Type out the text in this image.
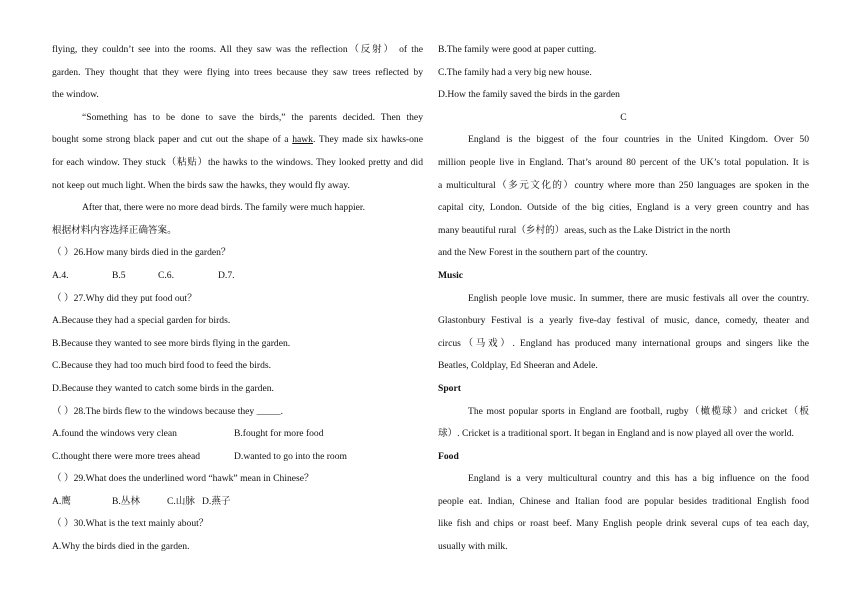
flying, they couldn’t see into the rooms. All they saw was the reflection（反射） of the
garden. They thought that they were flying into trees because they saw trees reflected by
the window.
“Something has to be done to save the birds,” the parents decided. Then they
bought some strong black paper and cut out the shape of a hawk. They made six hawks-one
for each window. They stuck（粘贴）the hawks to the windows. They looked pretty and did
not keep out much light. When the birds saw the hawks, they would fly away.
After that, there were no more dead birds. The family were much happier.
根据材料内容选择正确答案。
（ ）26.How many birds died in the garden？
A.4.	B.5	C.6.	D.7.
（ ）27.Why did they put food out？
A.Because they had a special garden for birds.
B.Because they wanted to see more birds flying in the garden.
C.Because they had too much bird food to feed the birds.
D.Because they wanted to catch some birds in the garden.
（ ）28.The birds flew to the windows because they _____.
A.found the windows very clean	B.fought for more food
C.thought there were more trees ahead	D.wanted to go into the room
（ ）29.What does the underlined word “hawk” mean in Chinese？
A.鹰	B.丛林	C.山脉 D.燕子
（ ）30.What is the text mainly about？
A.Why the birds died in the garden.
B.The family were good at paper cutting.
C.The family had a very big new house.
D.How the family saved the birds in the garden
C
England is the biggest of the four countries in the United Kingdom. Over 50
million people live in England. That’s around 80 percent of the UK’s total population. It is
a multicultural（多元文化的）country where more than 250 languages are spoken in the
capital city, London. Outside of the big cities, England is a very green country and has
many beautiful rural（乡村的）areas, such as the Lake District in the north
and the New Forest in the southern part of the country.
Music
English people love music. In summer, there are music festivals all over the country.
Glastonbury Festival is a yearly five-day festival of music, dance, comedy, theater and
circus（马戏）. England has produced many international groups and singers like the
Beatles, Coldplay, Ed Sheeran and Adele.
Sport
The most popular sports in England are football, rugby（橄榄球）and cricket（板
球）. Cricket is a traditional sport. It began in England and is now played all over the world.
Food
England is a very multicultural country and this has a big influence on the food
people eat. Indian, Chinese and Italian food are popular besides traditional English food
like fish and chips or roast beef. Many English people drink several cups of tea each day,
usually with milk.
